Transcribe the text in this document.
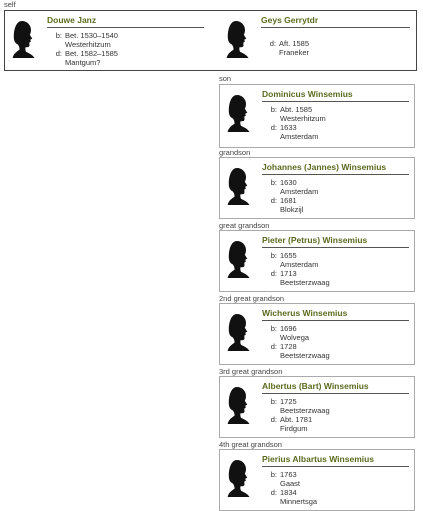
self
Douwe Janz
b: Bet. 1530–1540
Westerhitzum
d: Bet. 1582–1585
Mantgum?
Geys Gerrytdr
d: Aft. 1585
Franeker
son
Dominicus Winsemius
b: Abt. 1585
Westerhitzum
d: 1633
Amsterdam
grandson
Johannes (Jannes) Winsemius
b: 1630
Amsterdam
d: 1681
Blokzijl
great grandson
Pieter (Petrus) Winsemius
b: 1655
Amsterdam
d: 1713
Beetsterzwaag
2nd great grandson
Wicherus Winsemius
b: 1696
Wolvega
d: 1728
Beetsterzwaag
3rd great grandson
Albertus (Bart) Winsemius
b: 1725
Beetsterzwaag
d: Abt. 1781
Firdgum
4th great grandson
Pierius Albartus Winsemius
b: 1763
Gaast
d: 1834
Minnertsga
